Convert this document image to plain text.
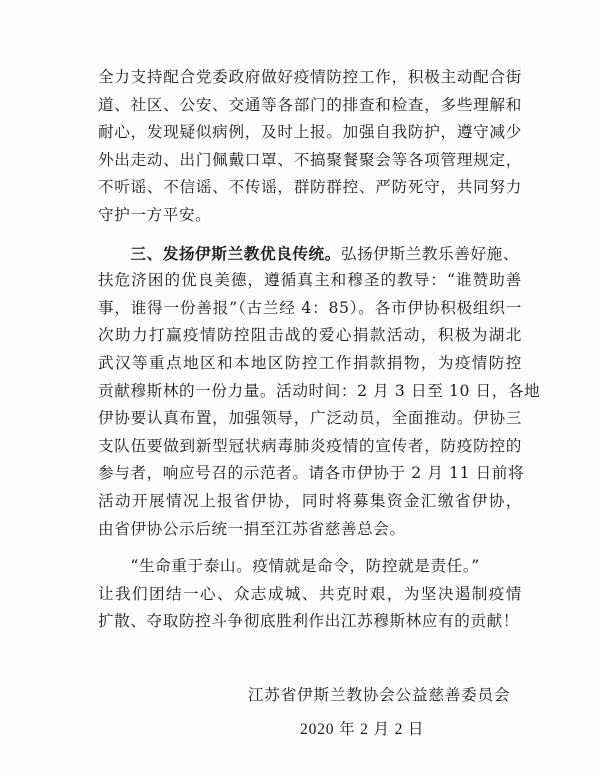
全力支持配合党委政府做好疫情防控工作，积极主动配合街
道、社区、公安、交通等各部门的排查和检查，多些理解和
耐心，发现疑似病例，及时上报。加强自我防护，遵守减少
外出走动、出门佩戴口罩、不搞聚餐聚会等各项管理规定，
不听谣、不信谣、不传谣，群防群控、严防死守，共同努力
守护一方平安。
　　三、发扬伊斯兰教优良传统。弘扬伊斯兰教乐善好施、
扶危济困的优良美德，遵循真主和穆圣的教导：“谁赞助善
事，谁得一份善报”（古兰经 4：85）。各市伊协积极组织一
次助力打赢疫情防控阻击战的爱心捐款活动，积极为湖北
武汉等重点地区和本地区防控工作捐款捐物，为疫情防控
贡献穆斯林的一份力量。活动时间：2 月 3 日至 10 日，各地
伊协要认真布置，加强领导，广泛动员，全面推动。伊协三
支队伍要做到新型冠状病毒肺炎疫情的宣传者，防疫防控的
参与者，响应号召的示范者。请各市伊协于 2 月 11 日前将
活动开展情况上报省伊协，同时将募集资金汇缴省伊协，
由省伊协公示后统一捐至江苏省慈善总会。
　　“生命重于泰山。疫情就是命令，防控就是责任。”
让我们团结一心、众志成城、共克时艰，为坚决遏制疫情
扩散、夺取防控斗争彻底胜利作出江苏穆斯林应有的贡献！
江苏省伊斯兰教协会公益慈善委员会
2020 年 2 月 2 日
